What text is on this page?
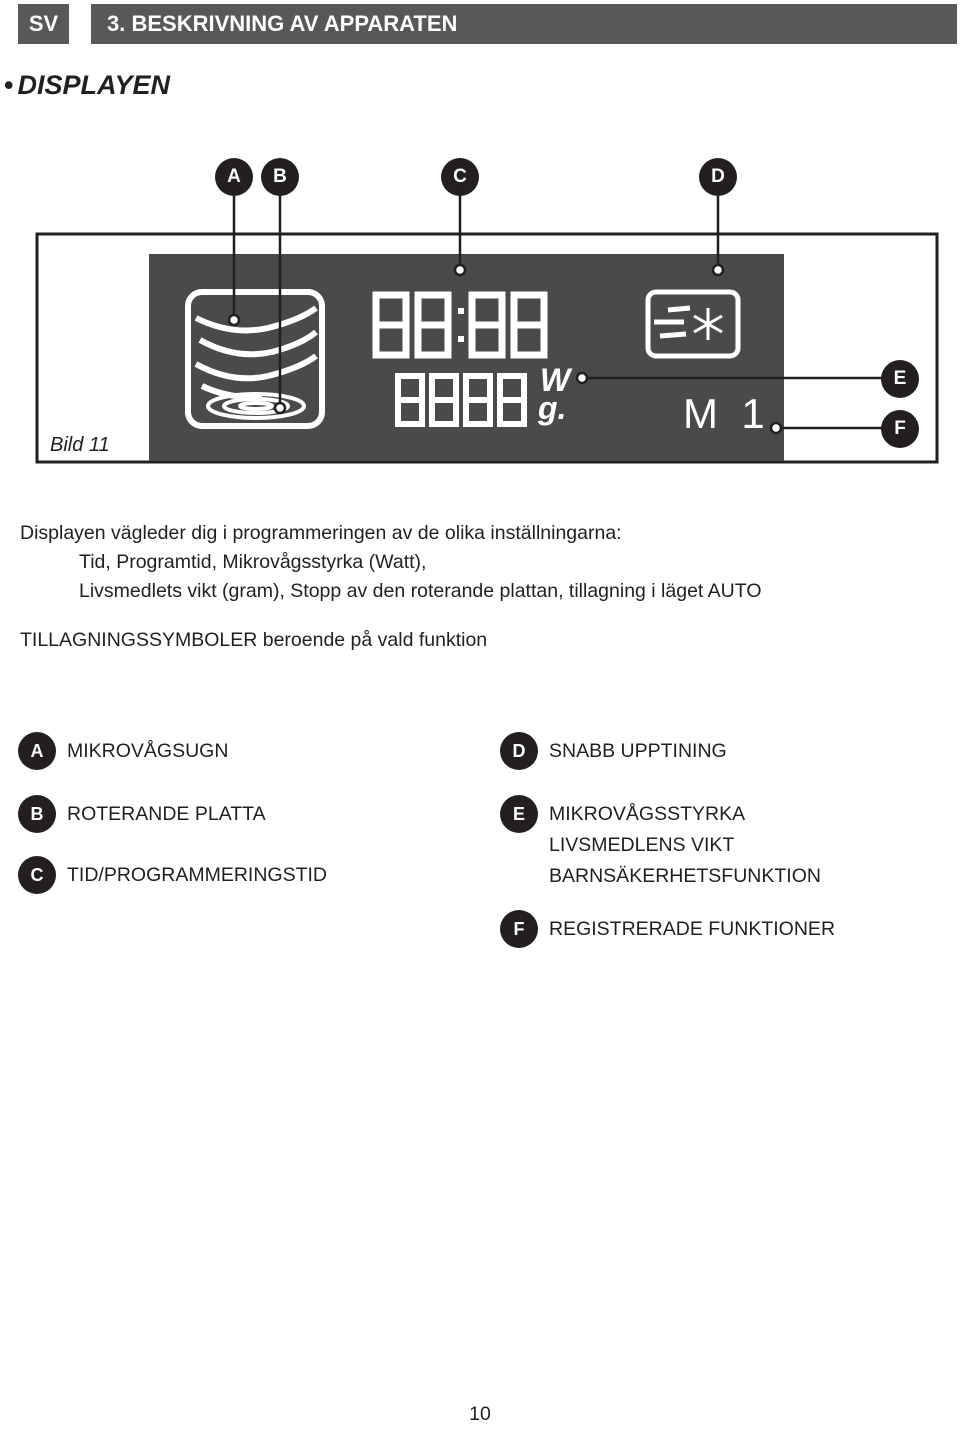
SV	3. BESKRIVNING AV APPARATEN
• DISPLAYEN
W
g.	M  1
A	B	C	D
E
F
Bild 11
Displayen vägleder dig i programmeringen av de olika inställningarna:
Tid, Programtid, Mikrovågsstyrka (Watt),
Livsmedlets vikt (gram), Stopp av den roterande plattan, tillagning i läget AUTO
TILLAGNINGSSYMBOLER beroende på vald funktion
A	MIKROVÅGSUGN
B	ROTERANDE PLATTA
C	TID/PROGRAMMERINGSTID
D	SNABB UPPTINING
E	MIKROVÅGSSTYRKA
LIVSMEDLENS VIKT
BARNSÄKERHETSFUNKTION
F	REGISTRERADE FUNKTIONER
10
